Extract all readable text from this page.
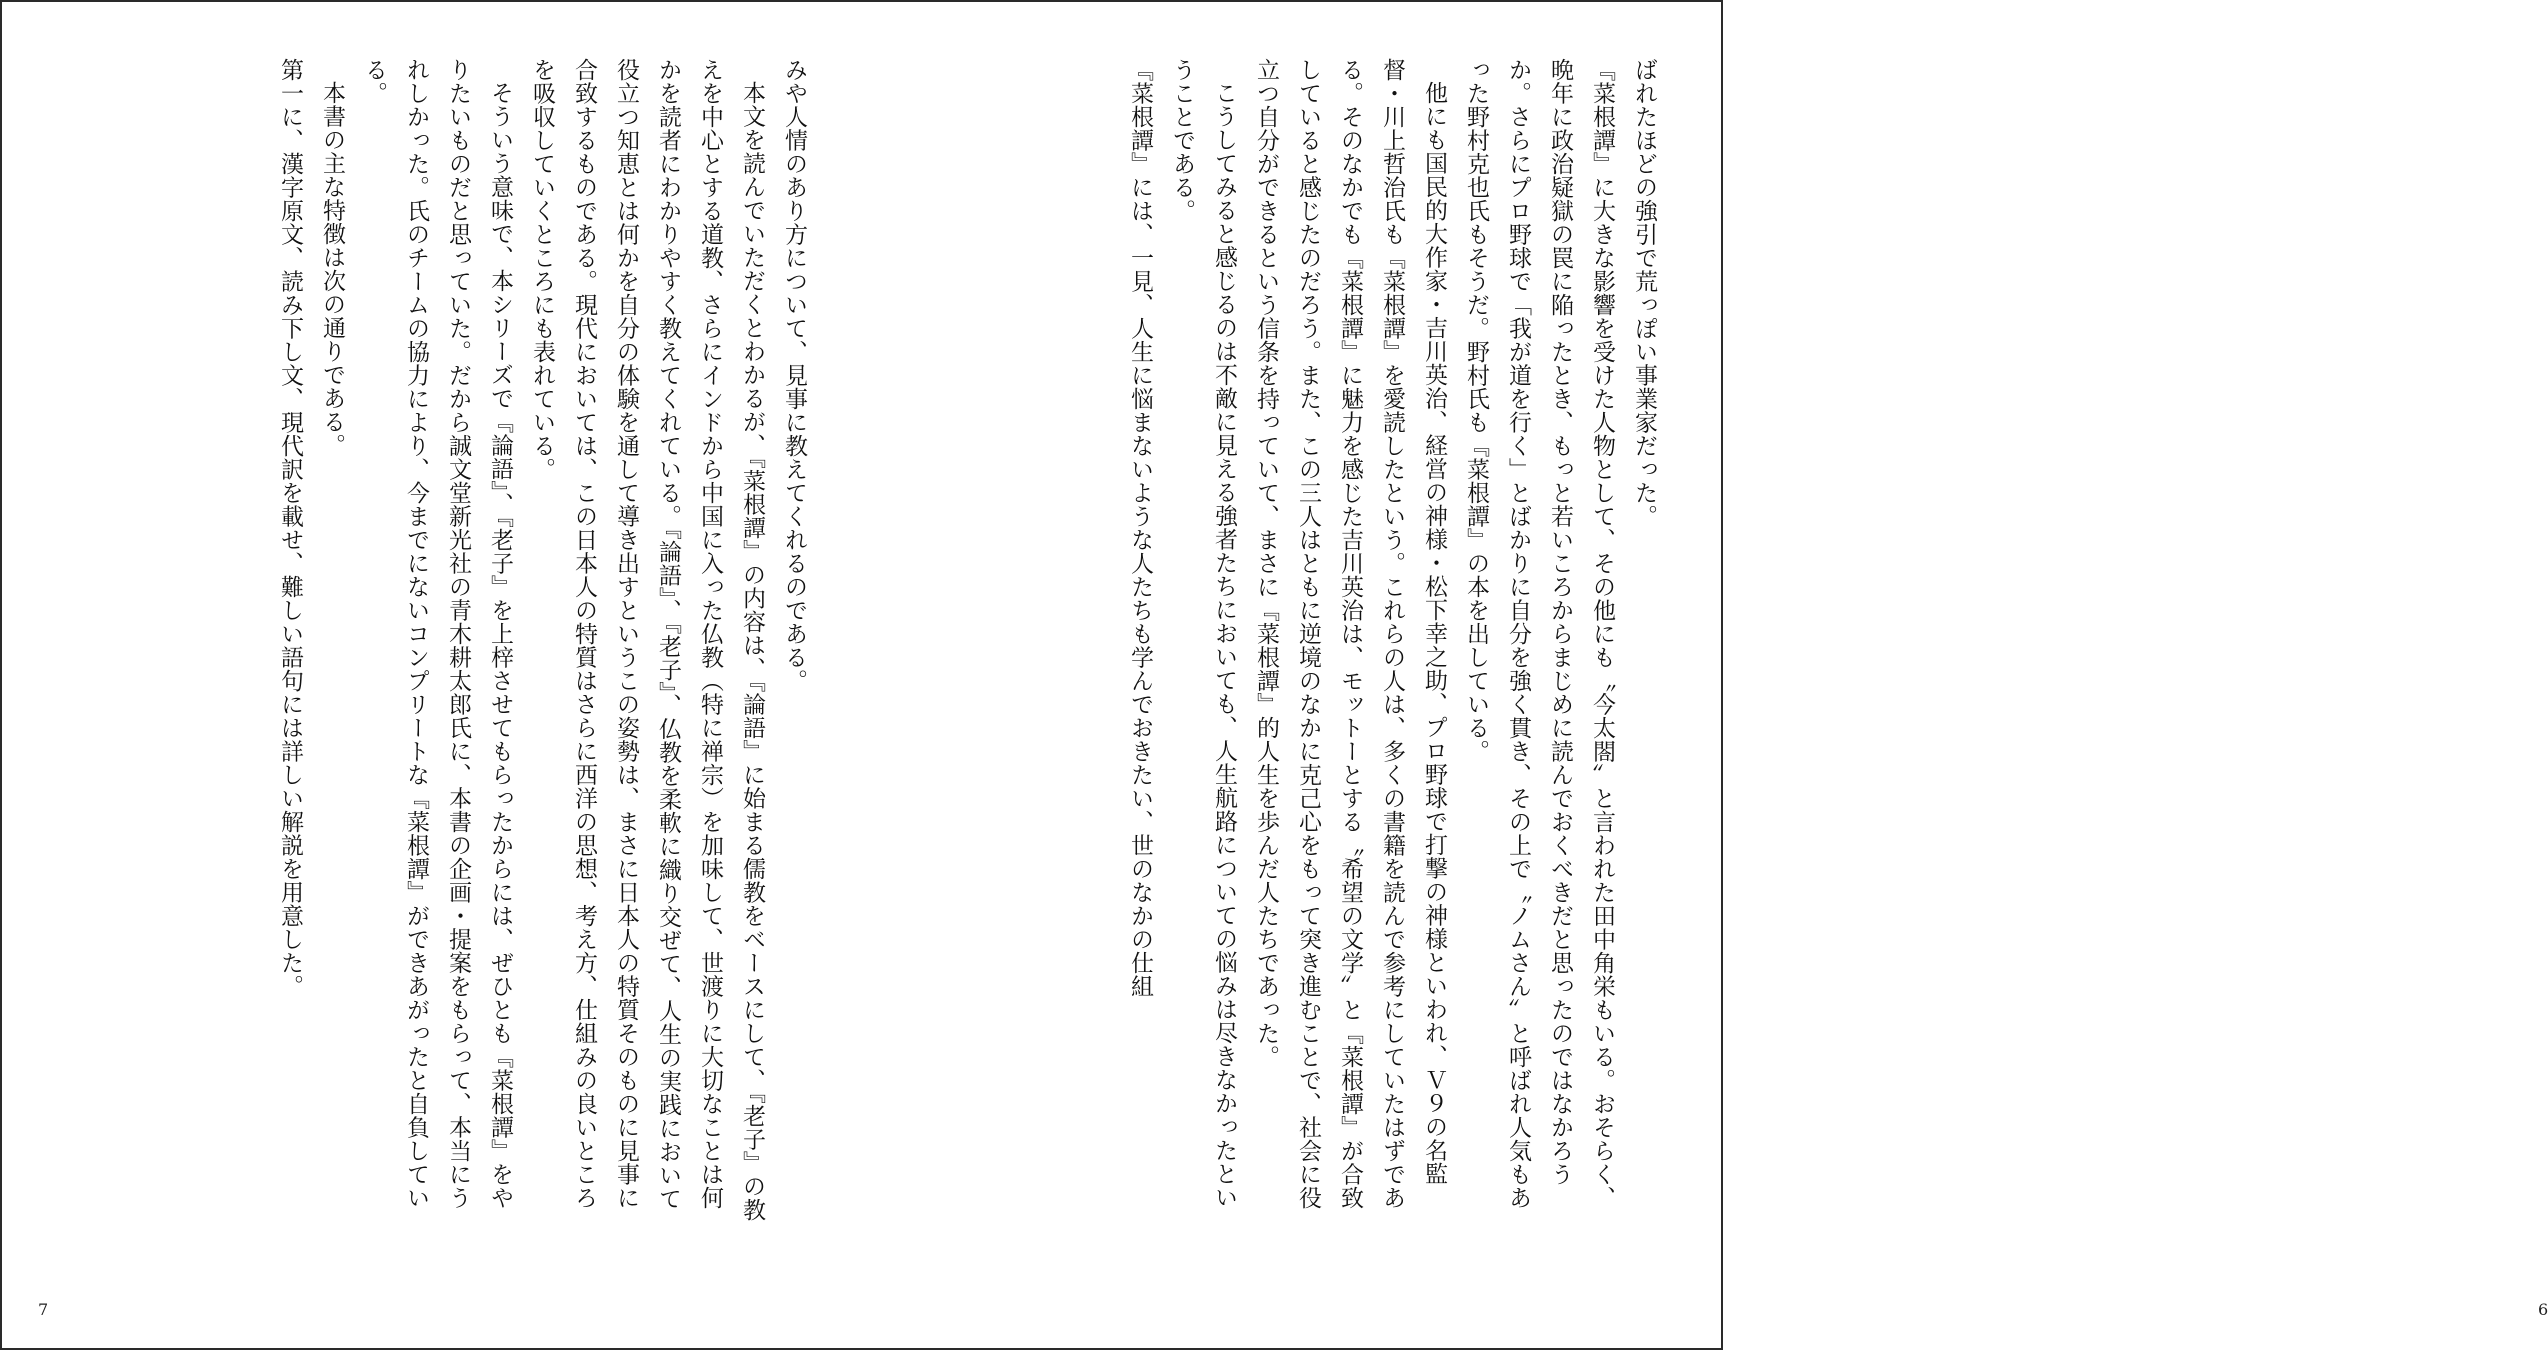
ばれたほどの強引で荒っぽい事業家だった。

『菜根譚』に大きな影響を受けた人物として、その他にも〝今太閤〟と言われた田中角栄もいる。おそらく、晩年に政治疑獄の罠に陥ったとき、もっと若いころからまじめに読んでおくべきだと思ったのではなかろうか。さらにプロ野球で「我が道を行く」とばかりに自分を強く貫き、その上で〝ノムさん〟と呼ばれ人気もあった野村克也氏もそうだ。野村氏も『菜根譚』の本を出している。

他にも国民的大作家・吉川英治、経営の神様・松下幸之助、プロ野球で打撃の神様といわれ、Ｖ９の名監督・川上哲治氏も『菜根譚』を愛読したという。これらの人は、多くの書籍を読んで参考にしていたはずである。そのなかでも『菜根譚』に魅力を感じた吉川英治は、モットーとする〝希望の文学〟と『菜根譚』が合致していると感じたのだろう。また、この三人はともに逆境のなかに克己心をもって突き進むことで、社会に役立つ自分ができるという信条を持っていて、まさに『菜根譚』的人生を歩んだ人たちであった。

こうしてみると感じるのは不敵に見える強者たちにおいても、人生航路についての悩みは尽きなかったということである。

『菜根譚』には、一見、人生に悩まないような人たちも学んでおきたい、世のなかの仕組

6

みや人情のあり方について、見事に教えてくれるのである。

本文を読んでいただくとわかるが、『菜根譚』の内容は、『論語』に始まる儒教をベースにして、『老子』の教えを中心とする道教、さらにインドから中国に入った仏教（特に禅宗）を加味して、世渡りに大切なことは何かを読者にわかりやすく教えてくれている。『論語』、『老子』、仏教を柔軟に織り交ぜて、人生の実践において役立つ知恵とは何かを自分の体験を通して導き出すというこの姿勢は、まさに日本人の特質そのものに見事に合致するものである。現代においては、この日本人の特質はさらに西洋の思想、考え方、仕組みの良いところを吸収していくところにも表れている。

そういう意味で、本シリーズで『論語』、『老子』を上梓させてもらったからには、ぜひとも『菜根譚』をやりたいものだと思っていた。だから誠文堂新光社の青木耕太郎氏に、本書の企画・提案をもらって、本当にうれしかった。氏のチームの協力により、今までにないコンプリートな『菜根譚』ができあがったと自負している。

本書の主な特徴は次の通りである。

第一に、漢字原文、読み下し文、現代訳を載せ、難しい語句には詳しい解説を用意した。

7
